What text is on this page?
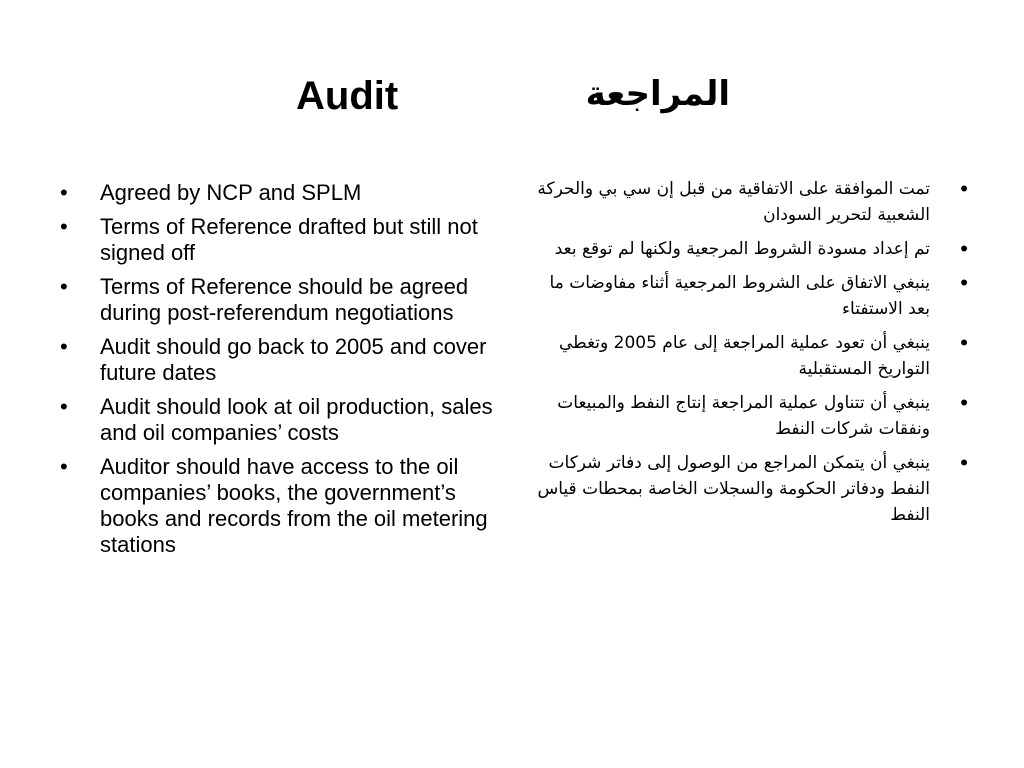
Audit	المراجعة
• Agreed by NCP and SPLM
• Terms of Reference drafted but still not signed off
• Terms of Reference should be agreed during post-referendum negotiations
• Audit should go back to 2005 and cover future dates
• Audit should look at oil production, sales and oil companies’ costs
• Auditor should have access to the oil companies’ books, the government’s books and records from the oil metering stations
• تمت الموافقة على الاتفاقية من قبل إن سي بي والحركة الشعبية لتحرير السودان
• تم إعداد مسودة الشروط المرجعية ولكنها لم توقع بعد
• ينبغي الاتفاق على الشروط المرجعية أثناء مفاوضات ما بعد الاستفتاء
• ينبغي أن تعود عملية المراجعة إلى عام 2005 وتغطي التواريخ المستقبلية
• ينبغي أن تتناول عملية المراجعة إنتاج النفط والمبيعات ونفقات شركات النفط
• ينبغي أن يتمكن المراجع من الوصول إلى دفاتر شركات النفط ودفاتر الحكومة والسجلات الخاصة بمحطات قياس النفط
